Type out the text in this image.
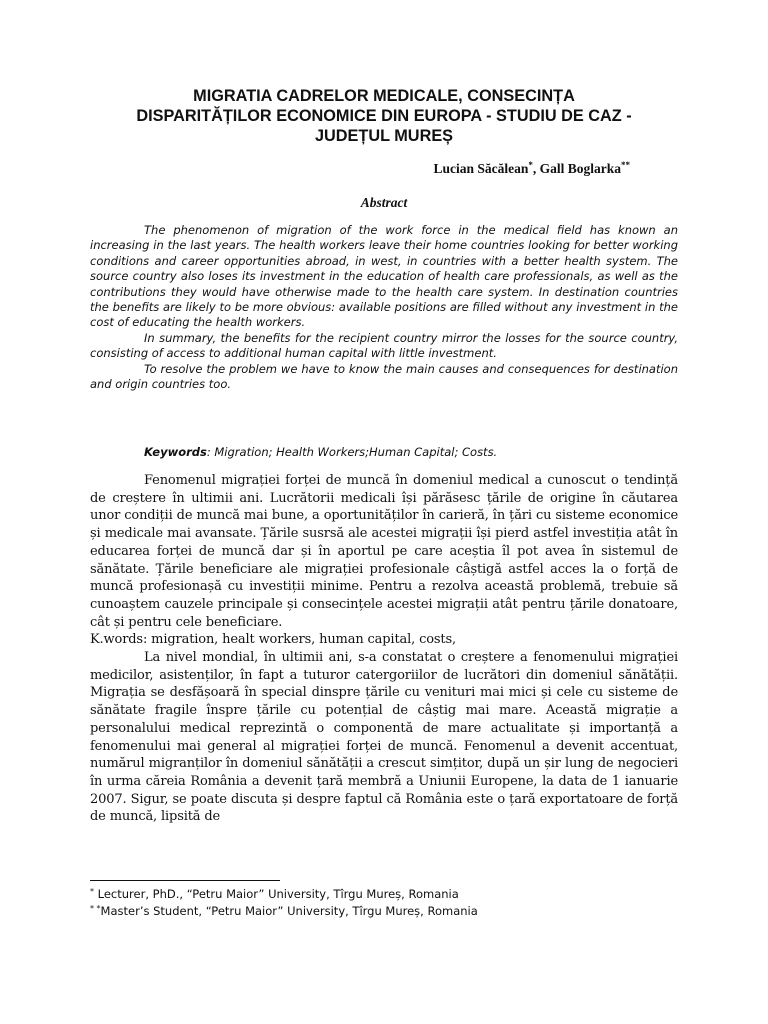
MIGRATIA CADRELOR MEDICALE, CONSECINȚA
DISPARITĂȚILOR ECONOMICE DIN EUROPA - STUDIU DE CAZ -
JUDEȚUL MUREȘ

Lucian Săcălean*, Gall Boglarka**

Abstract

The phenomenon of migration of the work force in the medical field has known an increasing in the last years. The health workers leave their home countries looking for better working conditions and career opportunities abroad, in west, in countries with a better health system. The source country also loses its investment in the education of health care professionals, as well as the contributions they would have otherwise made to the health care system. In destination countries the benefits are likely to be more obvious: available positions are filled without any investment in the cost of educating the health workers.

In summary, the benefits for the recipient country mirror the losses for the source country, consisting of access to additional human capital with little investment.

To resolve the problem we have to know the main causes and consequences for destination and origin countries too.

Keywords: Migration; Health Workers;Human Capital; Costs.

Fenomenul migrației forței de muncă în domeniul medical a cunoscut o tendință de creștere în ultimii ani. Lucrătorii medicali își părăsesc țările de origine în căutarea unor condiții de muncă mai bune, a oportunităților în carieră, în țări cu sisteme economice și medicale mai avansate. Țările susrsă ale acestei migrații își pierd astfel investiția atât în educarea forței de muncă dar și în aportul pe care aceștia îl pot avea în sistemul de sănătate. Țările beneficiare ale migrației profesionale câștigă astfel acces la o forță de muncă profesionașă cu investiții minime. Pentru a rezolva această problemă, trebuie să cunoaștem cauzele principale și consecințele acestei migrații atât pentru țările donatoare, cât și pentru cele beneficiare.

K.words: migration, healt workers, human capital, costs,

La nivel mondial, în ultimii ani, s-a constatat o creștere a fenomenului migrației medicilor, asistenților, în fapt a tuturor catergoriilor de lucrători din domeniul sănătății. Migrația se desfășoară în special dinspre țările cu venituri mai mici și cele cu sisteme de sănătate fragile înspre țările cu potențial de câștig mai mare. Această migrație a personalului medical reprezintă o componentă de mare actualitate și importanță a fenomenului mai general al migrației forței de muncă. Fenomenul a devenit accentuat, numărul migranților în domeniul sănătății a crescut simțitor, după un șir lung de negocieri în urma căreia România a devenit țară membră a Uniunii Europene, la data de 1 ianuarie 2007. Sigur, se poate discuta și despre faptul că România este o țară exportatoare de forță de muncă, lipsită de

* Lecturer, PhD., “Petru Maior” University, Tîrgu Mureș, Romania
* *Master’s Student, “Petru Maior” University, Tîrgu Mureș, Romania
